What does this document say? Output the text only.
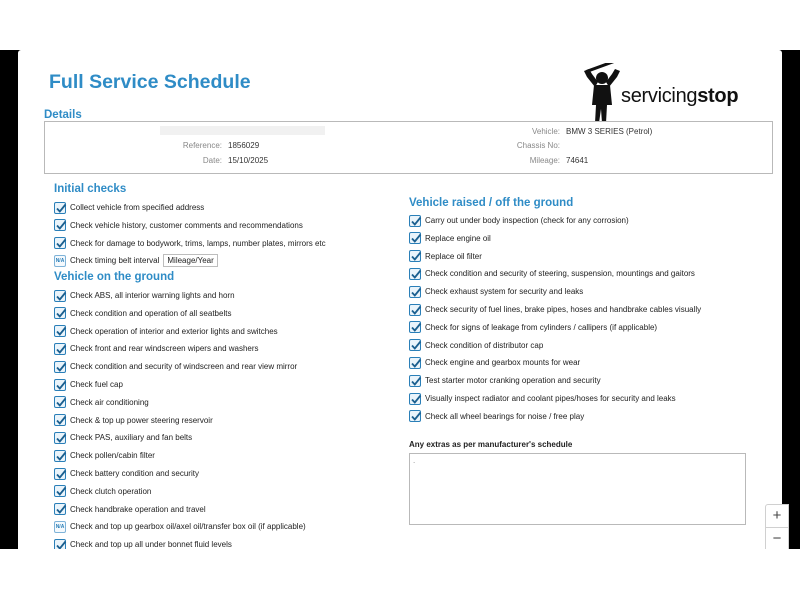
Full Service Schedule
servicingstop
Details
Reference: 1856029
Date: 15/10/2025
Vehicle: BMW 3 SERIES (Petrol)
Chassis No:
Mileage: 74641
Initial checks
Collect vehicle from specified address
Check vehicle history, customer comments and recommendations
Check for damage to bodywork, trims, lamps, number plates, mirrors etc
N/A Check timing belt interval	Mileage/Year
Vehicle on the ground
Check ABS, all interior warning lights and horn
Check condition and operation of all seatbelts
Check operation of interior and exterior lights and switches
Check front and rear windscreen wipers and washers
Check condition and security of windscreen and rear view mirror
Check fuel cap
Check air conditioning
Check & top up power steering reservoir
Check PAS, auxiliary and fan belts
Check pollen/cabin filter
Check battery condition and security
Check clutch operation
Check handbrake operation and travel
N/A Check and top up gearbox oil/axel oil/transfer box oil (if applicable)
Check and top up all under bonnet fluid levels
Vehicle raised / off the ground
Carry out under body inspection (check for any corrosion)
Replace engine oil
Replace oil filter
Check condition and security of steering, suspension, mountings and gaitors
Check exhaust system for security and leaks
Check security of fuel lines, brake pipes, hoses and handbrake cables visually
Check for signs of leakage from cylinders / callipers (if applicable)
Check condition of distributor cap
Check engine and gearbox mounts for wear
Test starter motor cranking operation and security
Visually inspect radiator and coolant pipes/hoses for security and leaks
Check all wheel bearings for noise / free play
Any extras as per manufacturer's schedule
.
+
−
